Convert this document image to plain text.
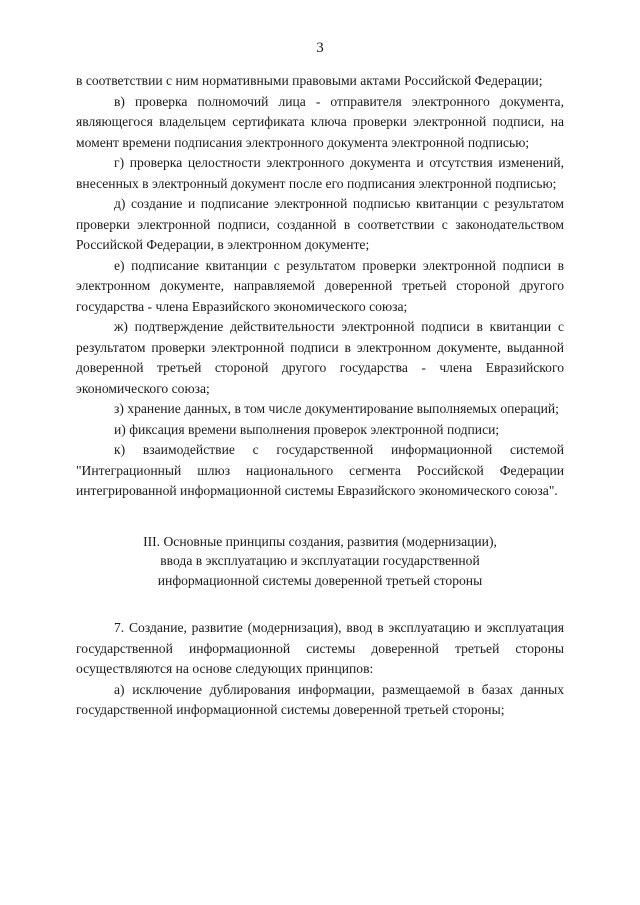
3

в соответствии с ним нормативными правовыми актами Российской Федерации;

в) проверка полномочий лица - отправителя электронного документа, являющегося владельцем сертификата ключа проверки электронной подписи, на момент времени подписания электронного документа электронной подписью;

г) проверка целостности электронного документа и отсутствия изменений, внесенных в электронный документ после его подписания электронной подписью;

д) создание и подписание электронной подписью квитанции с результатом проверки электронной подписи, созданной в соответствии с законодательством Российской Федерации, в электронном документе;

е) подписание квитанции с результатом проверки электронной подписи в электронном документе, направляемой доверенной третьей стороной другого государства - члена Евразийского экономического союза;

ж) подтверждение действительности электронной подписи в квитанции с результатом проверки электронной подписи в электронном документе, выданной доверенной третьей стороной другого государства - члена Евразийского экономического союза;

з) хранение данных, в том числе документирование выполняемых операций;

и) фиксация времени выполнения проверок электронной подписи;

к) взаимодействие с государственной информационной системой "Интеграционный шлюз национального сегмента Российской Федерации интегрированной информационной системы Евразийского экономического союза".

III. Основные принципы создания, развития (модернизации),
ввода в эксплуатацию и эксплуатации государственной
информационной системы доверенной третьей стороны

7. Создание, развитие (модернизация), ввод в эксплуатацию и эксплуатация государственной информационной системы доверенной третьей стороны осуществляются на основе следующих принципов:

а) исключение дублирования информации, размещаемой в базах данных государственной информационной системы доверенной третьей стороны;
